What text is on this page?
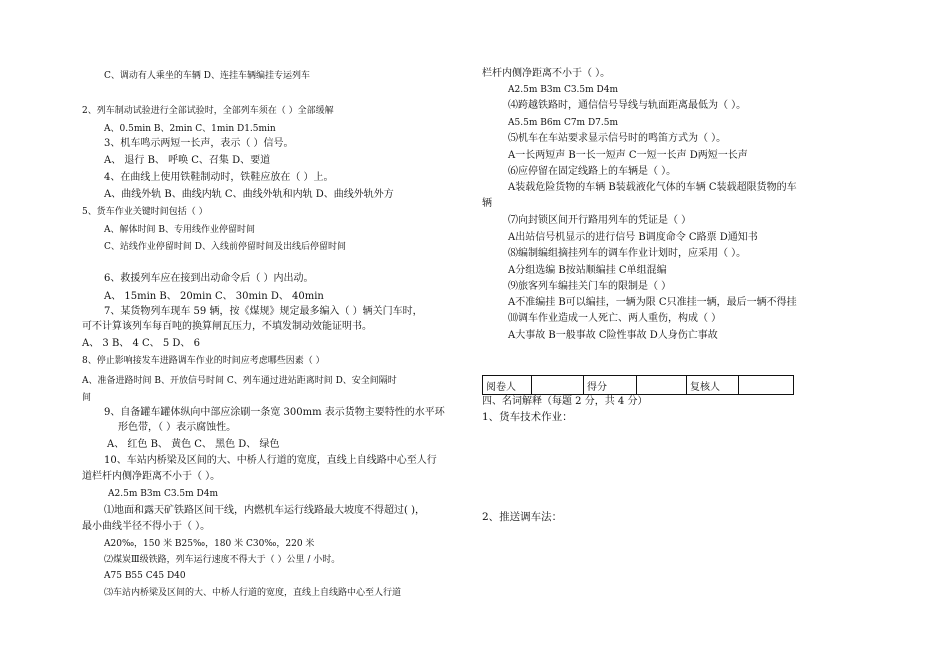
C、调动有人乘坐的车辆 D、连挂车辆编挂专运列车
2、列车制动试验进行全部试验时，全部列车须在（ ）全部缓解
A、0.5min B、2min C、1min D1.5min
3、机车鸣示两短一长声，表示（ ）信号。
A、 退行 B、 呼唤 C、召集 D、要道
4、在曲线上使用铁鞋制动时，铁鞋应放在（ ）上。
A、曲线外轨 B、曲线内轨 C、曲线外轨和内轨 D、曲线外轨外方
5、货车作业关键时间包括（ ）
A、解体时间 B、专用线作业停留时间
C、站线作业停留时间 D、入线前停留时间及出线后停留时间
6、救援列车应在接到出动命令后（ ）内出动。
A、 15min B、 20min C、 30min D、 40min
7、某货物列车现车 59 辆，按《煤规》规定最多编入（ ）辆关门车时，
可不计算该列车每百吨的换算闸瓦压力，不填发制动效能证明书。
A、 3 B、 4 C、 5 D、 6
8、停止影响接发车进路调车作业的时间应考虑哪些因素（ ）
A、准备进路时间 B、开放信号时间 C、列车通过进站距离时间 D、安全间隔时
间
9、自备罐车罐体纵向中部应涂刷一条宽 300mm 表示货物主要特性的水平环
形色带，（ ）表示腐蚀性。
A、 红色 B、 黄色 C、 黑色 D、 绿色
10、车站内桥梁及区间的大、中桥人行道的宽度，直线上自线路中心至人行
道栏杆内侧净距离不小于（ ）。
A2.5m B3m C3.5m D4m
⑴地面和露天矿铁路区间干线，内燃机车运行线路最大坡度不得超过( )，
最小曲线半径不得小于（ ）。
A20‰，150 米 B25‰，180 米 C30‰，220 米
⑵煤炭Ⅲ级铁路，列车运行速度不得大于（ ）公里 / 小时。
A75 B55 C45 D40
⑶车站内桥梁及区间的大、中桥人行道的宽度，直线上自线路中心至人行道
栏杆内侧净距离不小于（ ）。
A2.5m B3m C3.5m D4m
⑷跨越铁路时，通信信号导线与轨面距离最低为（ ）。
A5.5m B6m C7m D7.5m
⑸机车在车站要求显示信号时的鸣笛方式为（ ）。
A一长两短声 B一长一短声 C一短一长声 D两短一长声
⑹应停留在固定线路上的车辆是（ ）。
A装载危险货物的车辆 B装载液化气体的车辆 C装载超限货物的车
辆
⑺向封锁区间开行路用列车的凭证是（ ）
A出站信号机显示的进行信号 B调度命令 C路票 D通知书
⑻编制编组摘挂列车的调车作业计划时，应采用（ ）。
A分组选编 B按站顺编挂 C单组混编
⑼旅客列车编挂关门车的限制是（ ）
A不准编挂 B可以编挂，一辆为限 C只准挂一辆，最后一辆不得挂
⑽调车作业造成一人死亡、两人重伤，构成（ ）
A大事故 B一般事故 C险性事故 D人身伤亡事故
阅卷人		得分		复核人	
四、名词解释（每题 2 分，共 4 分）
1、货车技术作业：
2、推送调车法：
